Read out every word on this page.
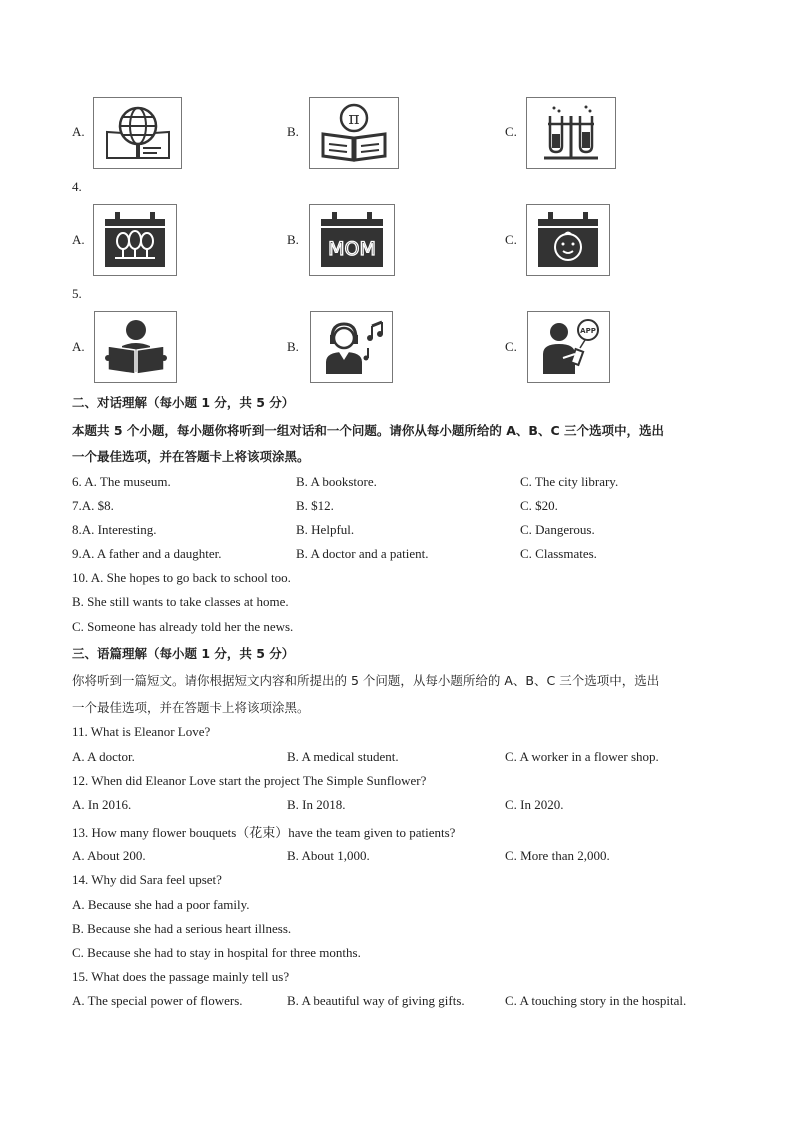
A.	B.
π
C.
4.
A.	B. MOM	C.
5.
A.	B.	C.
APP
二、对话理解（每小题 1 分，共 5 分）
本题共 5 个小题，每小题你将听到一组对话和一个问题。请你从每小题所给的 A、B、C 三个选项中，选出
一个最佳选项，并在答题卡上将该项涂黑。
6. A. The museum.	B. A bookstore.	C. The city library.
7.A. $8.	B. $12.	C. $20.
8.A. Interesting.	B. Helpful.	C. Dangerous.
9.A. A father and a daughter.	B. A doctor and a patient.	C. Classmates.
10. A. She hopes to go back to school too.
B. She still wants to take classes at home.
C. Someone has already told her the news.
三、语篇理解（每小题 1 分，共 5 分）
你将听到一篇短文。请你根据短文内容和所提出的 5 个问题，从每小题所给的 A、B、C 三个选项中，选出
一个最佳选项，并在答题卡上将该项涂黑。
11. What is Eleanor Love?
A. A doctor.	B. A medical student.	C. A worker in a flower shop.
12. When did Eleanor Love start the project The Simple Sunflower?
A. In 2016.	B. In 2018.	C. In 2020.
13. How many flower bouquets（花束）have the team given to patients?
A. About 200.	B. About 1,000.	C. More than 2,000.
14. Why did Sara feel upset?
A. Because she had a poor family.
B. Because she had a serious heart illness.
C. Because she had to stay in hospital for three months.
15. What does the passage mainly tell us?
A. The special power of flowers.	B. A beautiful way of giving gifts.	C. A touching story in the hospital.
